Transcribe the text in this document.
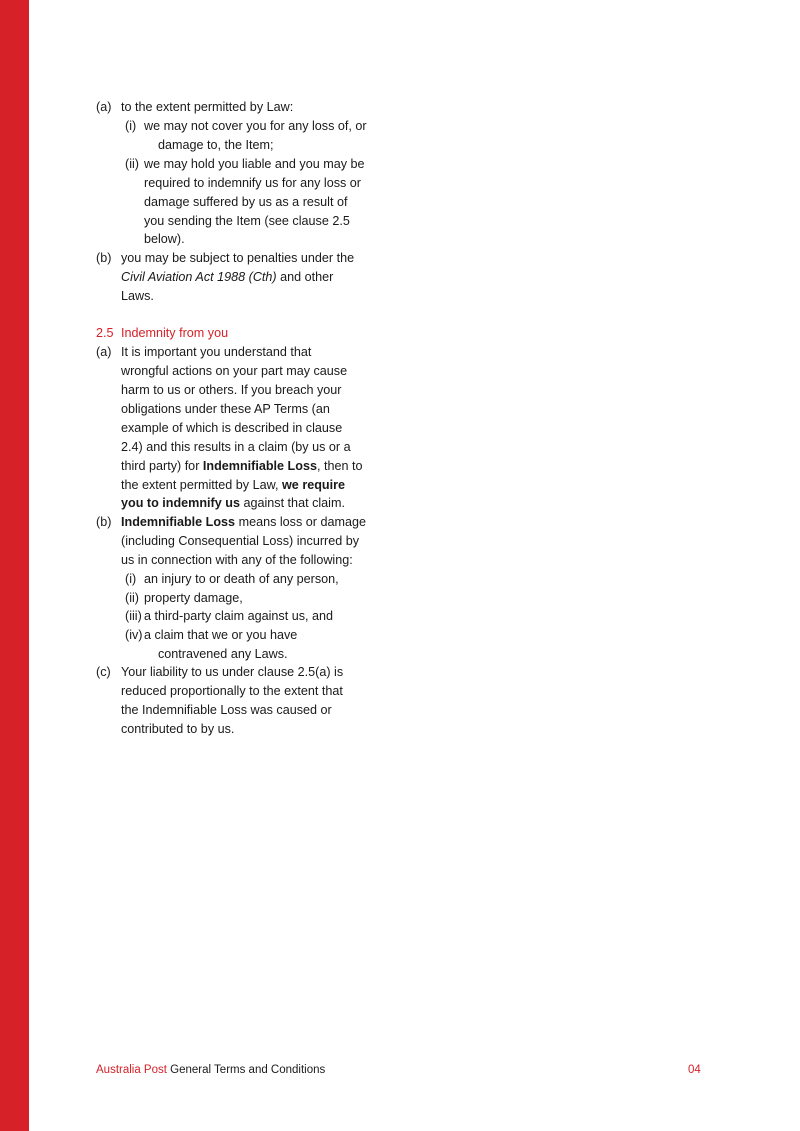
(a) to the extent permitted by Law:
(i) we may not cover you for any loss of, or
damage to, the Item;
(ii) we may hold you liable and you may be
required to indemnify us for any loss or
damage suffered by us as a result of
you sending the Item (see clause 2.5
below).
(b) you may be subject to penalties under the
Civil Aviation Act 1988 (Cth) and other
Laws.
2.5 Indemnity from you
(a) It is important you understand that
wrongful actions on your part may cause
harm to us or others. If you breach your
obligations under these AP Terms (an
example of which is described in clause
2.4) and this results in a claim (by us or a
third party) for Indemnifiable Loss, then to
the extent permitted by Law, we require
you to indemnify us against that claim.
(b) Indemnifiable Loss means loss or damage
(including Consequential Loss) incurred by
us in connection with any of the following:
(i) an injury to or death of any person,
(ii) property damage,
(iii) a third-party claim against us, and
(iv) a claim that we or you have
contravened any Laws.
(c) Your liability to us under clause 2.5(a) is
reduced proportionally to the extent that
the Indemnifiable Loss was caused or
contributed to by us.
Australia Post General Terms and Conditions	04
